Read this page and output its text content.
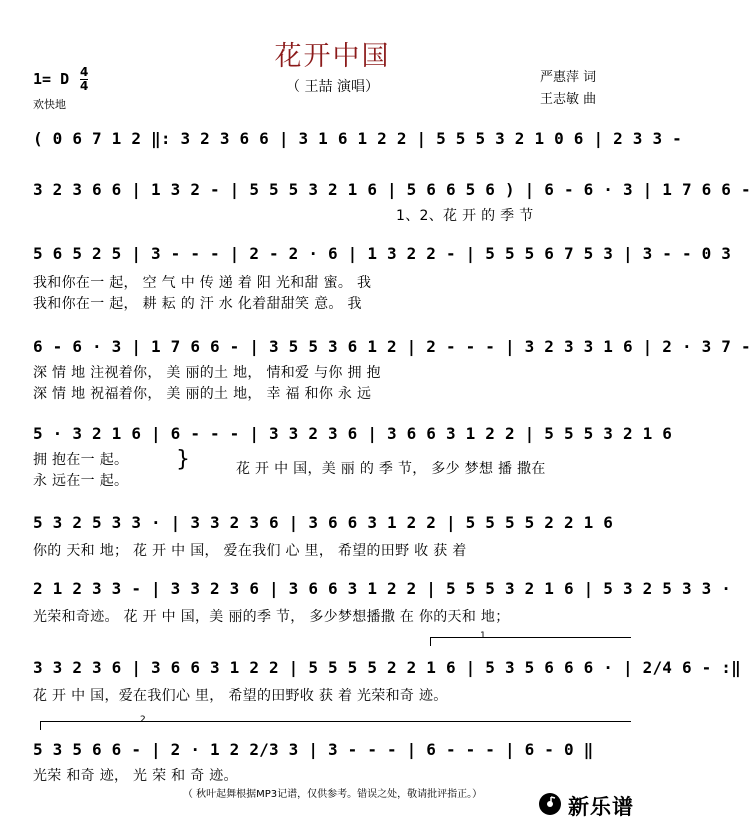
花开中国
（ 王喆 演唱）
1= D 4
4
欢快地
严惠萍 词
王志敏 曲
( 0 6 7 1 2 ‖: 3 2 3 6 6 | 3 1 6 1 2 2 | 5 5 5 3 2 1 0 6 | 2 3 3 -
3 2 3 6 6 | 1 3 2 - | 5 5 5 3 2 1 6 | 5 6 6 5 6 ) | 6 - 6 · 3 | 1 7 6 6 -
1、2、花 开 的 季 节
5 6 5 2 5 | 3 - - - | 2 - 2 · 6 | 1 3 2 2 - | 5 5 5 6 7 5 3 | 3 - - 0 3
我和你在一 起， 空 气 中 传 递 着 阳 光和甜 蜜。 我
我和你在一 起， 耕 耘 的 汗 水 化着甜甜笑 意。 我
6 - 6 · 3 | 1 7 6 6 - | 3 5 5 3 6 1 2 | 2 - - - | 3 2 3 3 1 6 | 2 · 3 7 -
深 情 地 注视着你， 美 丽的土 地， 情和爱 与你 拥 抱
深 情 地 祝福着你， 美 丽的土 地， 幸 福 和你 永 远
5 · 3 2 1 6 | 6 - - - | 3 3 2 3 6 | 3 6 6 3 1 2 2 | 5 5 5 3 2 1 6
拥 抱在一 起。
永 远在一 起。
}	花 开 中 国，美 丽 的 季 节， 多少 梦想 播 撒在
5 3 2 5 3 3 · | 3 3 2 3 6 | 3 6 6 3 1 2 2 | 5 5 5 5 2 2 1 6
你的 天和 地； 花 开 中 国， 爱在我们 心 里， 希望的田野 收 获 着
2 1 2 3 3 - | 3 3 2 3 6 | 3 6 6 3 1 2 2 | 5 5 5 3 2 1 6 | 5 3 2 5 3 3 ·
光荣和奇迹。 花 开 中 国，美 丽的季 节， 多少梦想播撒 在 你的天和 地；
1
3 3 2 3 6 | 3 6 6 3 1 2 2 | 5 5 5 5 2 2 1 6 | 5 3 5 6 6 6 · | 2/4 6 - :‖
花 开 中 国，爱在我们心 里， 希望的田野收 获 着 光荣和奇 迹。
2
5 3 5 6 6 - | 2 · 1 2 2/3 3 | 3 - - - | 6 - - - | 6 - 0 ‖
光荣 和奇 迹， 光 荣 和 奇 迹。
（ 秋叶起舞根据MP3记谱，仅供参考。错误之处，敬请批评指正。）
新乐谱
